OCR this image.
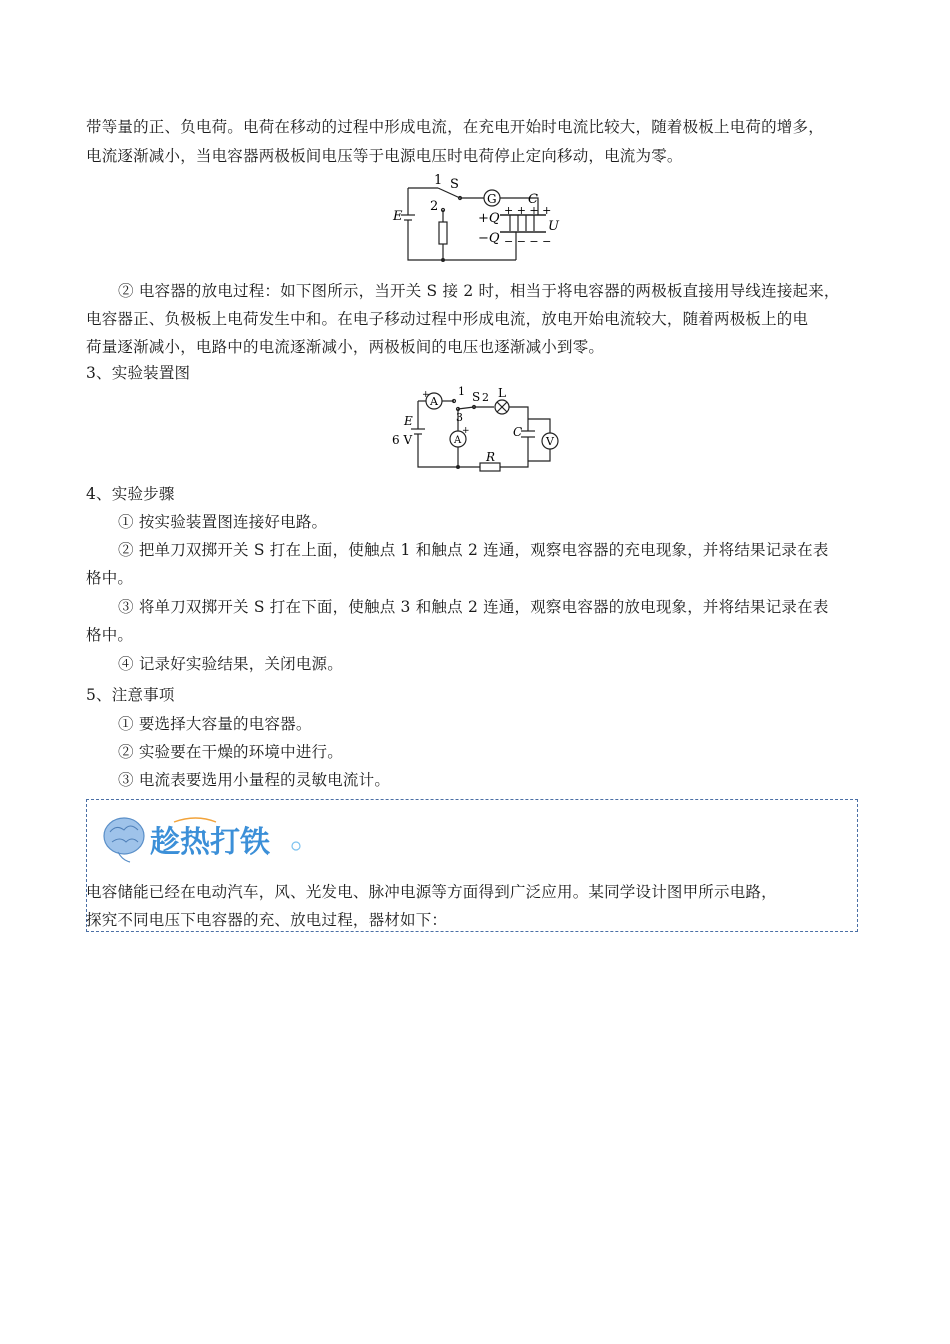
带等量的正、负电荷。电荷在移动的过程中形成电流，在充电开始时电流比较大，随着极板上电荷的增多，
电流逐渐减小，当电容器两极板间电压等于电源电压时电荷停止定向移动，电流为零。
1 S
G C
2
E	+Q
+ + + +
−Q − − − −
U
② 电容器的放电过程：如下图所示，当开关 S 接 2 时，相当于将电容器的两极板直接用导线连接起来，
电容器正、负极板上电荷发生中和。在电子移动过程中形成电流，放电开始电流较大，随着两极板上的电
荷量逐渐减小，电路中的电流逐渐减小，两极板间的电压也逐渐减小到零。
3、实验装置图
A
+	1
3
S 2 L
E
6 V	A
+	C
V
R
4、实验步骤
① 按实验装置图连接好电路。
② 把单刀双掷开关 S 打在上面，使触点 1 和触点 2 连通，观察电容器的充电现象，并将结果记录在表
格中。
③ 将单刀双掷开关 S 打在下面，使触点 3 和触点 2 连通，观察电容器的放电现象，并将结果记录在表
格中。
④ 记录好实验结果，关闭电源。
5、注意事项
① 要选择大容量的电容器。
② 实验要在干燥的环境中进行。
③ 电流表要选用小量程的灵敏电流计。
趁热打铁
电容储能已经在电动汽车，风、光发电、脉冲电源等方面得到广泛应用。某同学设计图甲所示电路，
探究不同电压下电容器的充、放电过程，器材如下：
